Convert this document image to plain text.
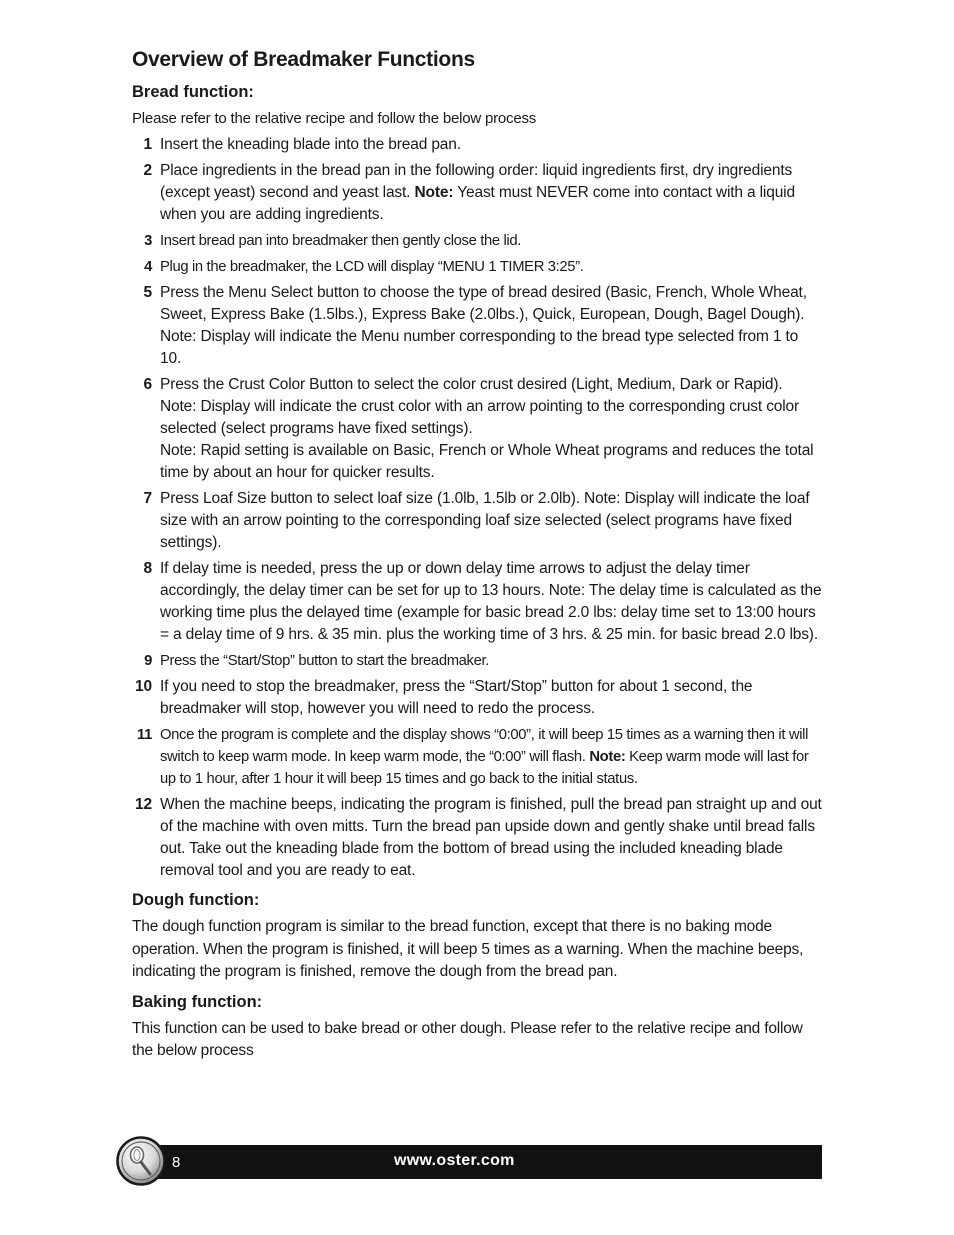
Overview of Breadmaker Functions
Bread function:

Please refer to the relative recipe and follow the below process

1 Insert the kneading blade into the bread pan.
2 Place ingredients in the bread pan in the following order: liquid ingredients first, dry ingredients (except yeast) second and yeast last. Note: Yeast must NEVER come into contact with a liquid when you are adding ingredients.
3 Insert bread pan into breadmaker then gently close the lid.
4 Plug in the breadmaker, the LCD will display “MENU 1 TIMER 3:25”.
5 Press the Menu Select button to choose the type of bread desired (Basic, French, Whole Wheat, Sweet, Express Bake (1.5lbs.), Express Bake (2.0lbs.), Quick, European, Dough, Bagel Dough). Note: Display will indicate the Menu number corresponding to the bread type selected from 1 to 10.
6 Press the Crust Color Button to select the color crust desired (Light, Medium, Dark or Rapid). Note: Display will indicate the crust color with an arrow pointing to the corresponding crust color selected (select programs have fixed settings).
Note: Rapid setting is available on Basic, French or Whole Wheat programs and reduces the total time by about an hour for quicker results.
7 Press Loaf Size button to select loaf size (1.0lb, 1.5lb or 2.0lb). Note: Display will indicate the loaf size with an arrow pointing to the corresponding loaf size selected (select programs have fixed settings).
8 If delay time is needed, press the up or down delay time arrows to adjust the delay timer accordingly, the delay timer can be set for up to 13 hours. Note: The delay time is calculated as the working time plus the delayed time (example for basic bread 2.0 lbs: delay time set to 13:00 hours = a delay time of 9 hrs. & 35 min. plus the working time of 3 hrs. & 25 min. for basic bread 2.0 lbs).
9 Press the “Start/Stop” button to start the breadmaker.
10 If you need to stop the breadmaker, press the “Start/Stop” button for about 1 second, the breadmaker will stop, however you will need to redo the process.
11 Once the program is complete and the display shows “0:00”, it will beep 15 times as a warning then it will switch to keep warm mode. In keep warm mode, the “0:00” will flash. Note: Keep warm mode will last for up to 1 hour, after 1 hour it will beep 15 times and go back to the initial status.
12 When the machine beeps, indicating the program is finished, pull the bread pan straight up and out of the machine with oven mitts. Turn the bread pan upside down and gently shake until bread falls out. Take out the kneading blade from the bottom of bread using the included kneading blade removal tool and you are ready to eat.
Dough function:

The dough function program is similar to the bread function, except that there is no baking mode operation. When the program is finished, it will beep 5 times as a warning. When the machine beeps, indicating the program is finished, remove the dough from the bread pan.

Baking function:

This function can be used to bake bread or other dough. Please refer to the relative recipe and follow the below process

8	www.oster.com
